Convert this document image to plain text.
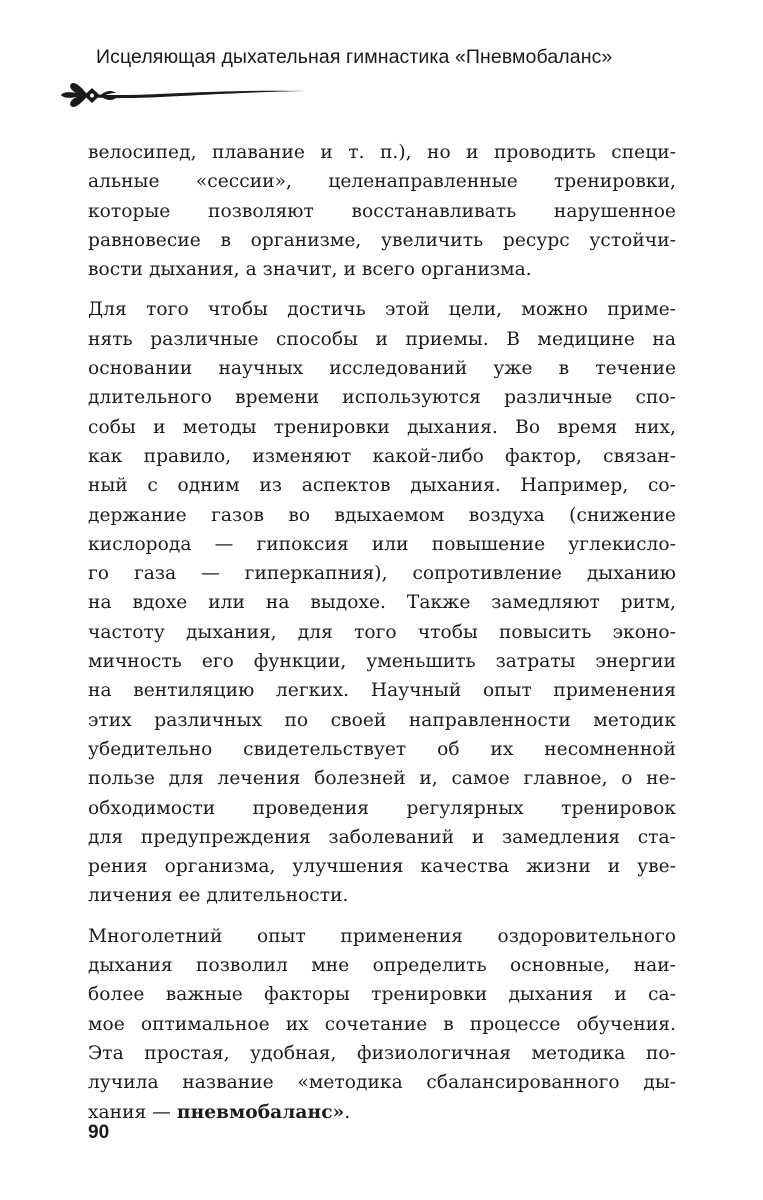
Исцеляющая дыхательная гимнастика «Пневмобаланс»

велосипед, плавание и т. п.), но и проводить специ-
альные «сессии», целенаправленные тренировки,
которые позволяют восстанавливать нарушенное
равновесие в организме, увеличить ресурс устойчи-
вости дыхания, а значит, и всего организма.

Для того чтобы достичь этой цели, можно приме-
нять различные способы и приемы. В медицине на
основании научных исследований уже в течение
длительного времени используются различные спо-
собы и методы тренировки дыхания. Во время них,
как правило, изменяют какой-либо фактор, связан-
ный с одним из аспектов дыхания. Например, со-
держание газов во вдыхаемом воздуха (снижение
кислорода — гипоксия или повышение углекисло-
го газа — гиперкапния), сопротивление дыханию
на вдохе или на выдохе. Также замедляют ритм,
частоту дыхания, для того чтобы повысить эконо-
мичность его функции, уменьшить затраты энергии
на вентиляцию легких. Научный опыт применения
этих различных по своей направленности методик
убедительно свидетельствует об их несомненной
пользе для лечения болезней и, самое главное, о не-
обходимости проведения регулярных тренировок
для предупреждения заболеваний и замедления ста-
рения организма, улучшения качества жизни и уве-
личения ее длительности.

Многолетний опыт применения оздоровительного
дыхания позволил мне определить основные, наи-
более важные факторы тренировки дыхания и са-
мое оптимальное их сочетание в процессе обучения.
Эта простая, удобная, физиологичная методика по-
лучила название «методика сбалансированного ды-
хания — пневмобаланс».

90
